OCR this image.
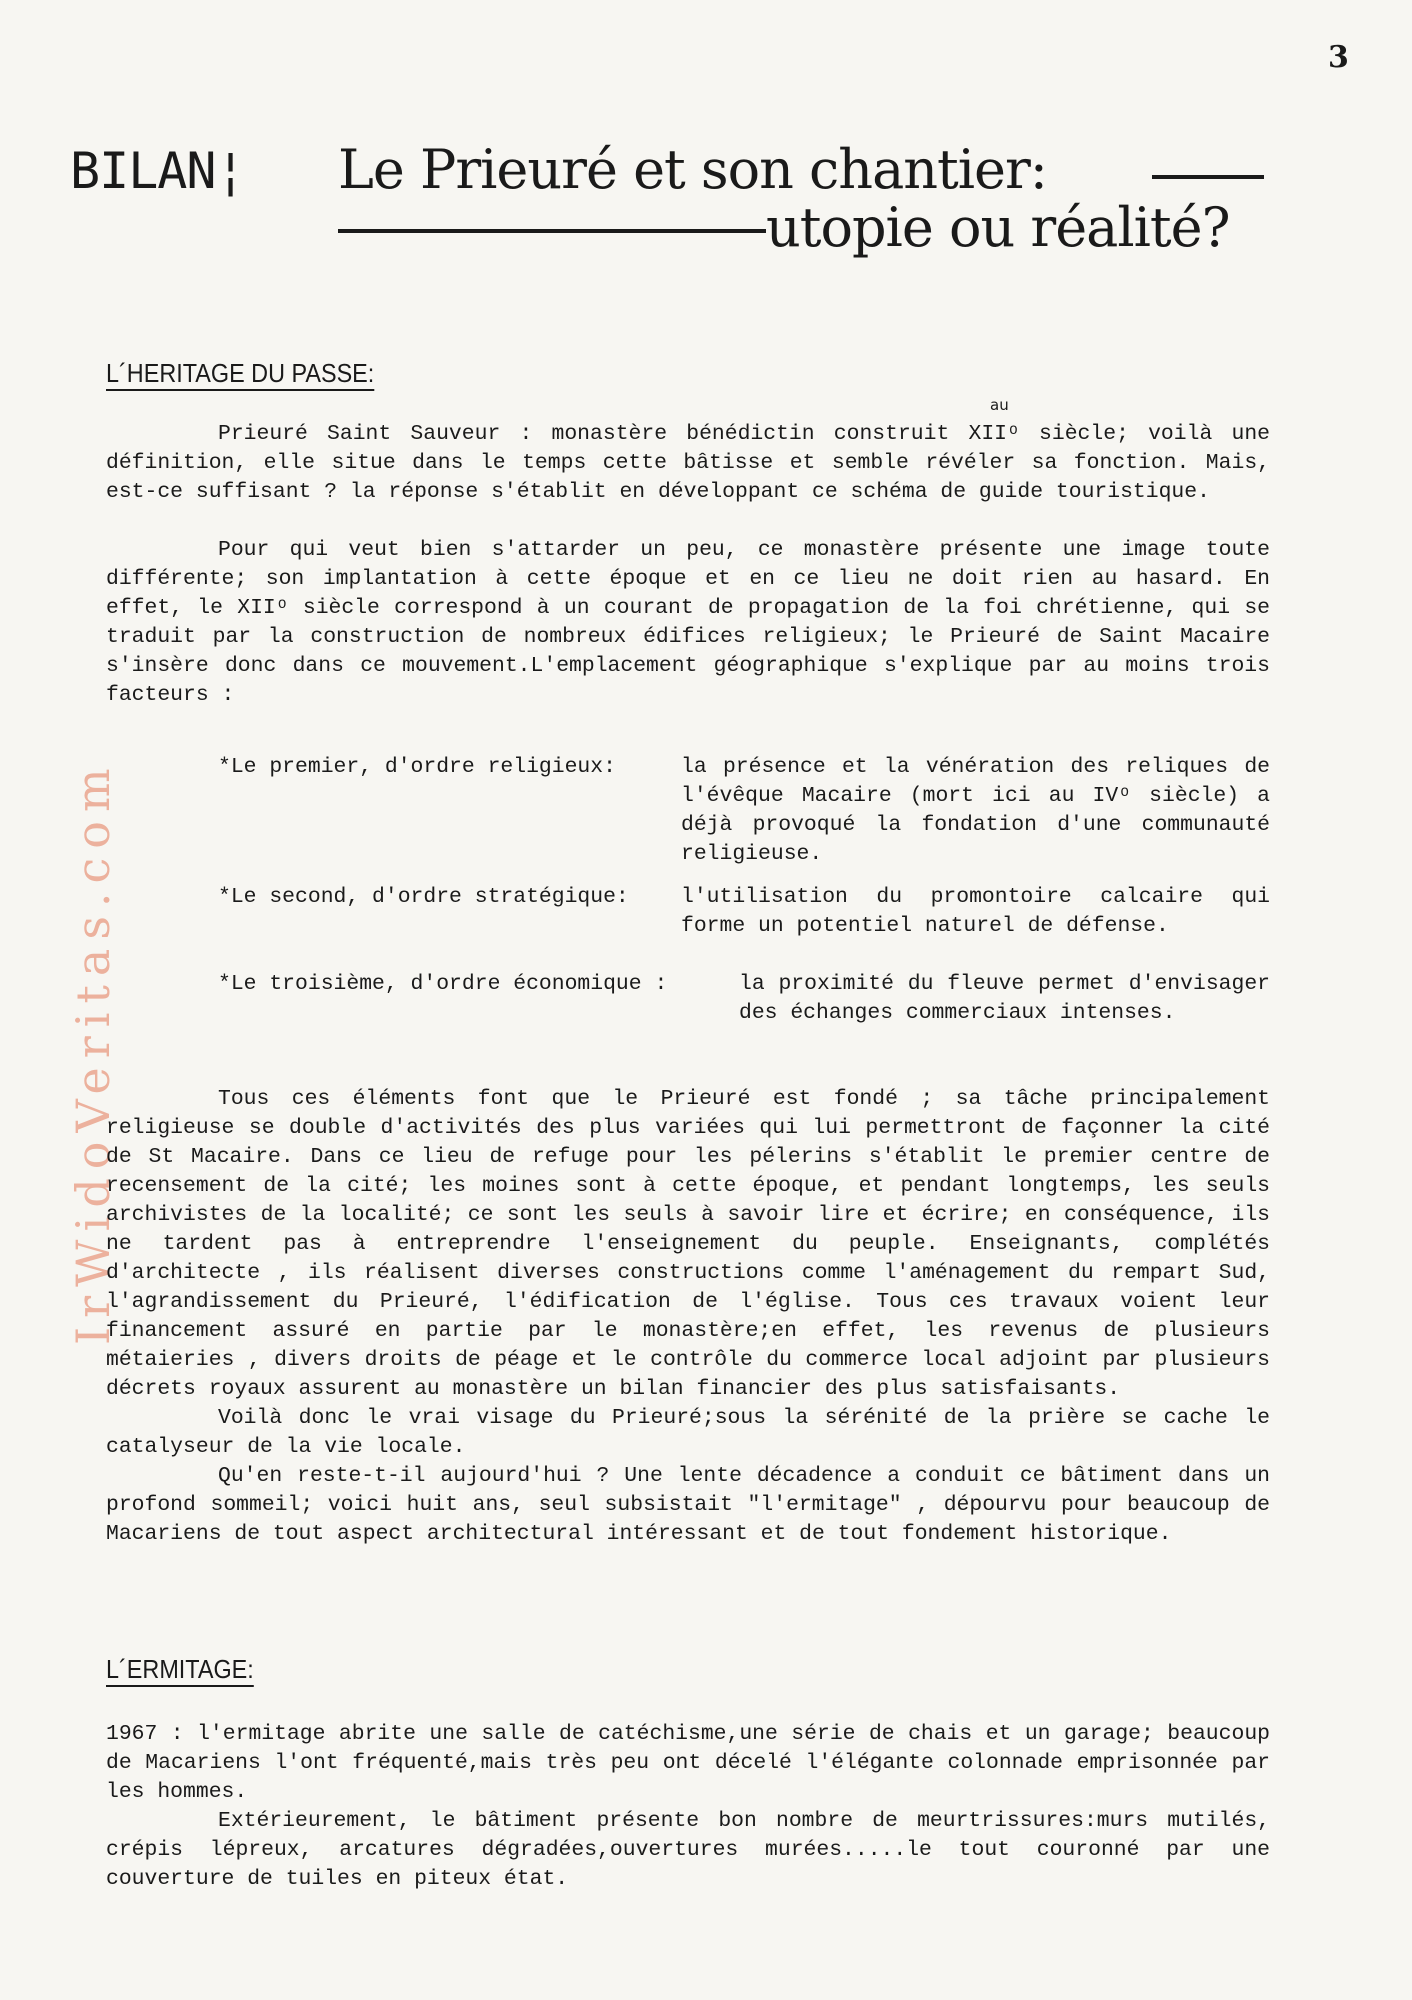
3
IrWidoVeritas.com
BILAN¦ Le Prieuré et son chantier:
utopie ou réalité?
L´HERITAGE DU PASSE:
au

Prieuré Saint Sauveur : monastère bénédictin construit XIIᵒ siècle; voilà une définition, elle situe dans le temps cette bâtisse et semble révéler sa fonction. Mais, est-ce suffisant ? la réponse s'établit en développant ce schéma de guide touristique.

Pour qui veut bien s'attarder un peu, ce monastère présente une image toute différente; son implantation à cette époque et en ce lieu ne doit rien au hasard. En effet, le XIIᵒ siècle correspond à un courant de propagation de la foi chrétienne, qui se traduit par la construction de nombreux édifices religieux; le Prieuré de Saint Macaire s'insère donc dans ce mouvement.L'emplacement géographique s'explique par au moins trois facteurs :

*Le premier, d'ordre religieux:	la présence et la vénération des reliques de l'évêque Macaire (mort ici au IVᵒ siècle) a déjà provoqué la fondation d'une communauté religieuse.
*Le second, d'ordre stratégique: l'utilisation du promontoire calcaire qui forme un potentiel naturel de défense.
*Le troisième, d'ordre économique :	la proximité du fleuve permet d'envisager des échanges commerciaux intenses.

Tous ces éléments font que le Prieuré est fondé ; sa tâche principalement religieuse se double d'activités des plus variées qui lui permettront de façonner la cité de St Macaire. Dans ce lieu de refuge pour les pélerins s'établit le premier centre de recensement de la cité; les moines sont à cette époque, et pendant longtemps, les seuls archivistes de la localité; ce sont les seuls à savoir lire et écrire; en conséquence, ils ne tardent pas à entreprendre l'enseignement du peuple. Enseignants, complétés d'architecte , ils réalisent diverses constructions comme l'aménagement du rempart Sud, l'agrandissement du Prieuré, l'édification de l'église. Tous ces travaux voient leur financement assuré en partie par le monastère;en effet, les revenus de plusieurs métaieries , divers droits de péage et le contrôle du commerce local adjoint par plusieurs décrets royaux assurent au monastère un bilan financier des plus satisfaisants.

Voilà donc le vrai visage du Prieuré;sous la sérénité de la prière se cache le catalyseur de la vie locale.

Qu'en reste-t-il aujourd'hui ? Une lente décadence a conduit ce bâtiment dans un profond sommeil; voici huit ans, seul subsistait "l'ermitage" , dépourvu pour beaucoup de Macariens de tout aspect architectural intéressant et de tout fondement historique.

L´ERMITAGE:

1967 : l'ermitage abrite une salle de catéchisme,une série de chais et un garage; beaucoup de Macariens l'ont fréquenté,mais très peu ont décelé l'élégante colonnade emprisonnée par les hommes.

Extérieurement, le bâtiment présente bon nombre de meurtrissures:murs mutilés, crépis lépreux, arcatures dégradées,ouvertures murées.....le tout couronné par une couverture de tuiles en piteux état.
